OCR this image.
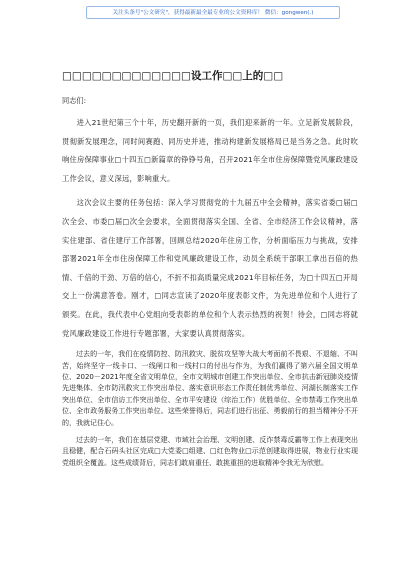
关注头条号"公文研究"，获得最新最全最专业的公文资料库！ 微信：gongwen(.)
□□□□□□□□□□□□□设工作□□上的□□
同志们:

进入21世纪第三个十年，历史翻开新的一页，我们迎来新的一年。立足新发展阶段，贯彻新发展理念，同时间赛跑、同历史并进，推动构建新发展格局已是当务之急。此时吹响住房保障事业□十四五□新篇章的铮铮号角，召开2021年全市住房保障暨党风廉政建设工作会议，意义深远，影响重大。

这次会议主要的任务包括：深入学习贯彻党的十九届五中全会精神，落实省委□届□次全会、市委□届□次全会要求，全面贯彻落实全国、全省、全市经济工作会议精神，落实住建部、省住建厅工作部署，回顾总结2020年住房工作，分析面临压力与挑战，安排部署2021年全市住房保障工作和党风廉政建设工作，动员全系统干部职工拿出百倍的热情、千倍的干劲、万倍的信心，不折不扣高质量完成2021年目标任务，为□十四五□开局交上一份满意答卷。刚才，□同志宣读了2020年度表彰文件，为先进单位和个人进行了颁奖。在此，我代表中心党组向受表彰的单位和个人表示热烈的祝贺！待会，□同志将就党风廉政建设工作进行专题部署，大家要认真贯彻落实。

过去的一年，我们在疫情防控、防汛救灾、脱贫攻坚等大战大考面前不畏艰、不退缩、不叫苦，始终坚守一线卡口、一线闸口和一线村口的付出与作为，为我们赢得了第六届全国文明单位、2020－2021年度全省文明单位，全市文明城市创建工作突出单位、全市抗击新冠肺炎疫情先进集体、全市防汛救灾工作突出单位、落实意识形态工作责任制优秀单位、河湖长制落实工作突出单位、全市信访工作突出单位、全市平安建设（综治工作）优胜单位、全市禁毒工作突出单位、全市政务服务工作突出单位。这些荣誉得后，同志们进行出征、勇毅前行的担当精神分不开的，我就记住心。

过去的一年，我们在基层党建、市域社会治理、文明创建、反诈禁毒反霸等工作上表现突出且稳健，配合石码头社区完成□大党委□组建、□红色物业□示范创建取得进展，物业行业实现党组织全覆盖。这些成绩背后，同志们敢肩重任、敢挑重担的进取精神令我无为欣慰。
